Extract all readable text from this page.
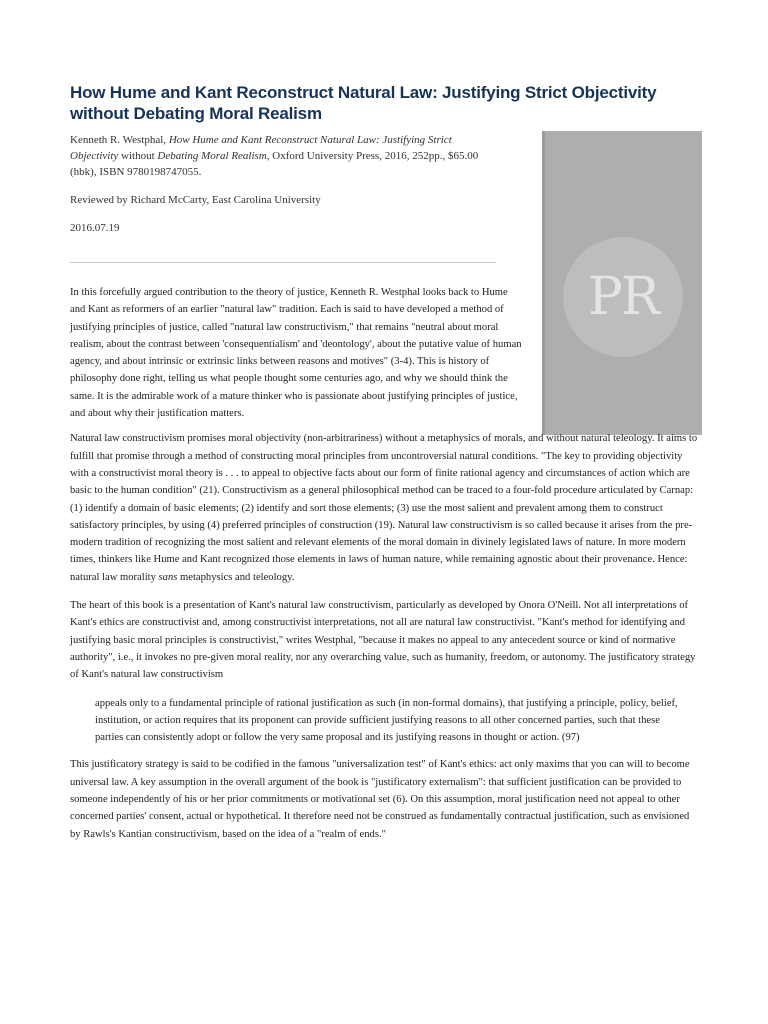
How Hume and Kant Reconstruct Natural Law: Justifying Strict Objectivity without Debating Moral Realism

Kenneth R. Westphal, How Hume and Kant Reconstruct Natural Law: Justifying Strict Objectivity without Debating Moral Realism, Oxford University Press, 2016, 252pp., $65.00 (hbk), ISBN 9780198747055.

Reviewed by Richard McCarty, East Carolina University

2016.07.19

PR

In this forcefully argued contribution to the theory of justice, Kenneth R. Westphal looks back to Hume and Kant as reformers of an earlier "natural law" tradition. Each is said to have developed a method of justifying principles of justice, called "natural law constructivism," that remains "neutral about moral realism, about the contrast between 'consequentialism' and 'deontology', about the putative value of human agency, and about intrinsic or extrinsic links between reasons and motives" (3-4). This is history of philosophy done right, telling us what people thought some centuries ago, and why we should think the same. It is the admirable work of a mature thinker who is passionate about justifying principles of justice, and about why their justification matters.

Natural law constructivism promises moral objectivity (non-arbitrariness) without a metaphysics of morals, and without natural teleology. It aims to fulfill that promise through a method of constructing moral principles from uncontroversial natural conditions. "The key to providing objectivity with a constructivist moral theory is . . . to appeal to objective facts about our form of finite rational agency and circumstances of action which are basic to the human condition" (21). Constructivism as a general philosophical method can be traced to a four-fold procedure articulated by Carnap: (1) identify a domain of basic elements; (2) identify and sort those elements; (3) use the most salient and prevalent among them to construct satisfactory principles, by using (4) preferred principles of construction (19). Natural law constructivism is so called because it arises from the pre-modern tradition of recognizing the most salient and relevant elements of the moral domain in divinely legislated laws of nature. In more modern times, thinkers like Hume and Kant recognized those elements in laws of human nature, while remaining agnostic about their provenance. Hence: natural law morality sans metaphysics and teleology.

The heart of this book is a presentation of Kant's natural law constructivism, particularly as developed by Onora O'Neill. Not all interpretations of Kant's ethics are constructivist and, among constructivist interpretations, not all are natural law constructivist. "Kant's method for identifying and justifying basic moral principles is constructivist," writes Westphal, "because it makes no appeal to any antecedent source or kind of normative authority", i.e., it invokes no pre-given moral reality, nor any overarching value, such as humanity, freedom, or autonomy. The justificatory strategy of Kant's natural law constructivism

appeals only to a fundamental principle of rational justification as such (in non-formal domains), that justifying a principle, policy, belief, institution, or action requires that its proponent can provide sufficient justifying reasons to all other concerned parties, such that these parties can consistently adopt or follow the very same proposal and its justifying reasons in thought or action. (97)

This justificatory strategy is said to be codified in the famous "universalization test" of Kant's ethics: act only maxims that you can will to become universal law. A key assumption in the overall argument of the book is "justificatory externalism": that sufficient justification can be provided to someone independently of his or her prior commitments or motivational set (6). On this assumption, moral justification need not appeal to other concerned parties' consent, actual or hypothetical. It therefore need not be construed as fundamentally contractual justification, such as envisioned by Rawls's Kantian constructivism, based on the idea of a "realm of ends."
